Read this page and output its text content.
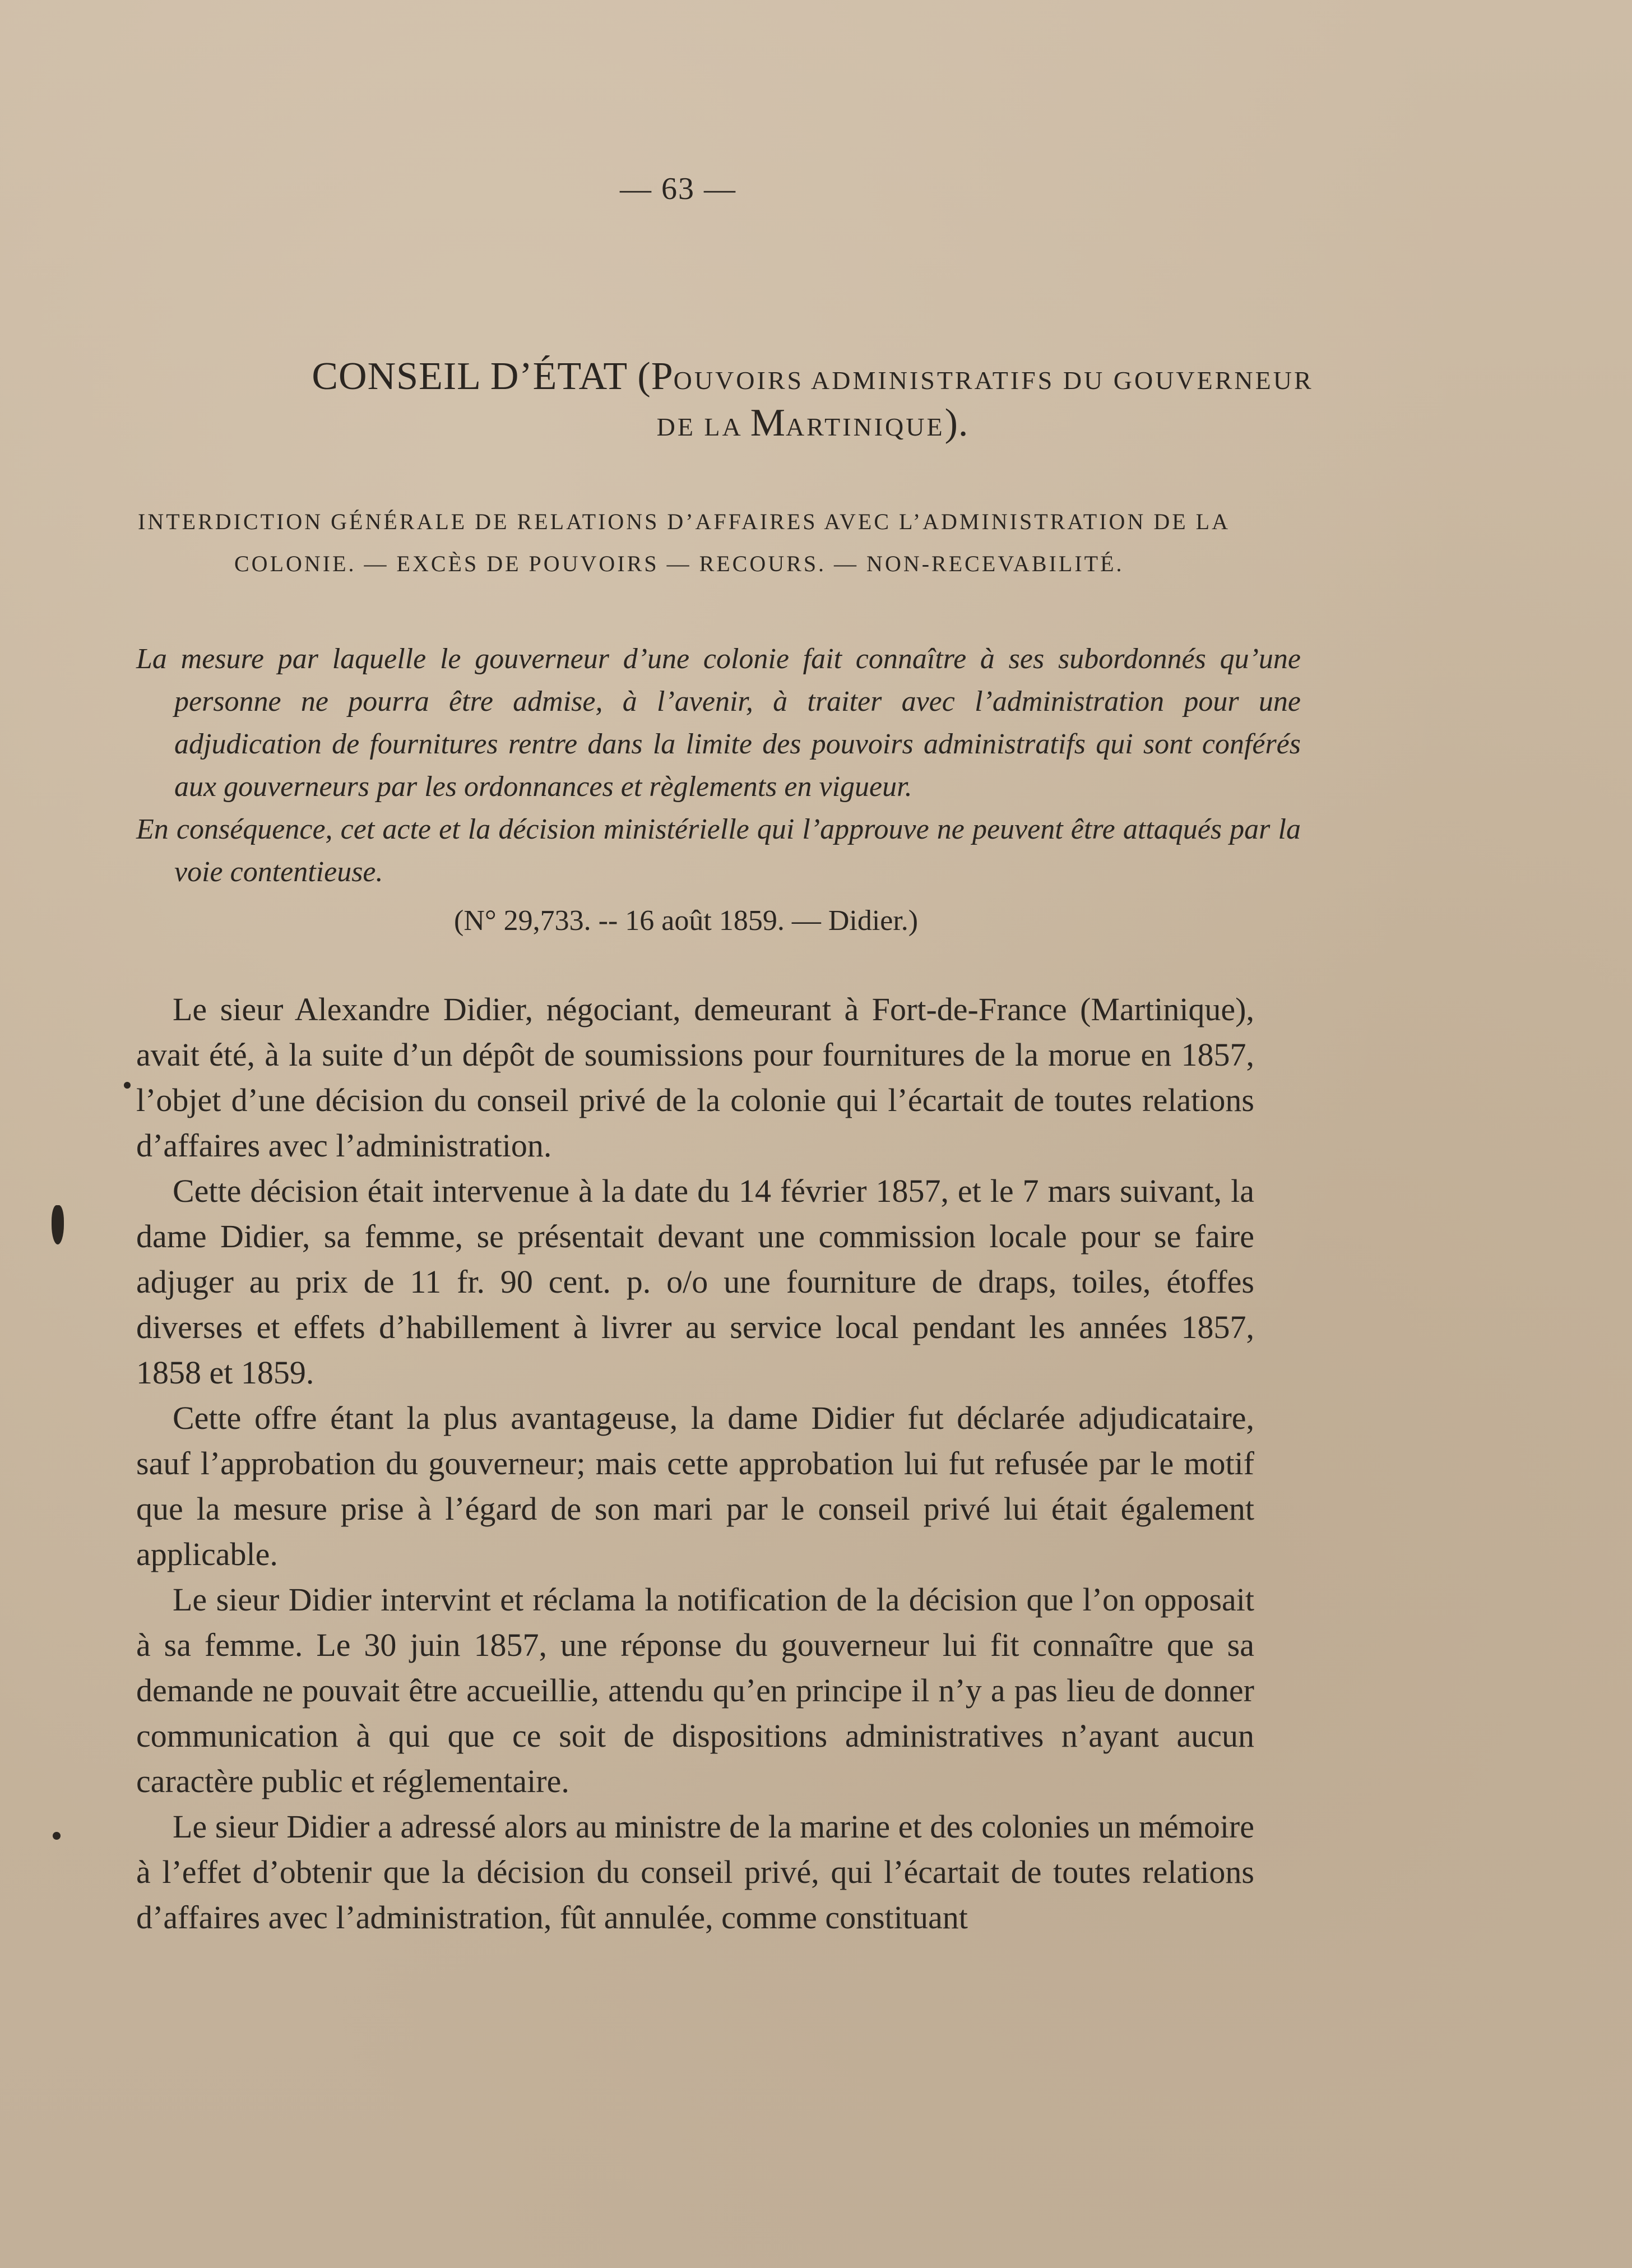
— 63 —
CONSEIL D’ÉTAT (POUVOIRS ADMINISTRATIFS DU GOUVERNEUR
DE LA MARTINIQUE).
INTERDICTION GÉNÉRALE DE RELATIONS D’AFFAIRES AVEC L’ADMINISTRATION DE LA
COLONIE. — EXCÈS DE POUVOIRS — RECOURS. — NON-RECEVABILITÉ.
La mesure par laquelle le gouverneur d’une colonie fait connaître à ses subordonnés qu’une personne ne pourra être admise, à l’avenir, à traiter avec l’administration pour une adjudication de fournitures rentre dans la limite des pouvoirs administratifs qui sont conférés aux gouverneurs par les ordonnances et règlements en vigueur.
En conséquence, cet acte et la décision ministérielle qui l’approuve ne peuvent être attaqués par la voie contentieuse.
(N° 29,733. -- 16 août 1859. — Didier.)

Le sieur Alexandre Didier, négociant, demeurant à Fort-de-France (Martinique), avait été, à la suite d’un dépôt de soumissions pour fournitures de la morue en 1857, l’objet d’une décision du conseil privé de la colonie qui l’écartait de toutes relations d’affaires avec l’administration.

Cette décision était intervenue à la date du 14 février 1857, et le 7 mars suivant, la dame Didier, sa femme, se présentait devant une commission locale pour se faire adjuger au prix de 11 fr. 90 cent. p. o/o une fourniture de draps, toiles, étoffes diverses et effets d’habillement à livrer au service local pendant les années 1857, 1858 et 1859.

Cette offre étant la plus avantageuse, la dame Didier fut déclarée adjudicataire, sauf l’approbation du gouverneur; mais cette approbation lui fut refusée par le motif que la mesure prise à l’égard de son mari par le conseil privé lui était également applicable.

Le sieur Didier intervint et réclama la notification de la décision que l’on opposait à sa femme. Le 30 juin 1857, une réponse du gouverneur lui fit connaître que sa demande ne pouvait être accueillie, attendu qu’en principe il n’y a pas lieu de donner communication à qui que ce soit de dispositions administratives n’ayant aucun caractère public et réglementaire.

Le sieur Didier a adressé alors au ministre de la marine et des colonies un mémoire à l’effet d’obtenir que la décision du conseil privé, qui l’écartait de toutes relations d’affaires avec l’administration, fût annulée, comme constituant
